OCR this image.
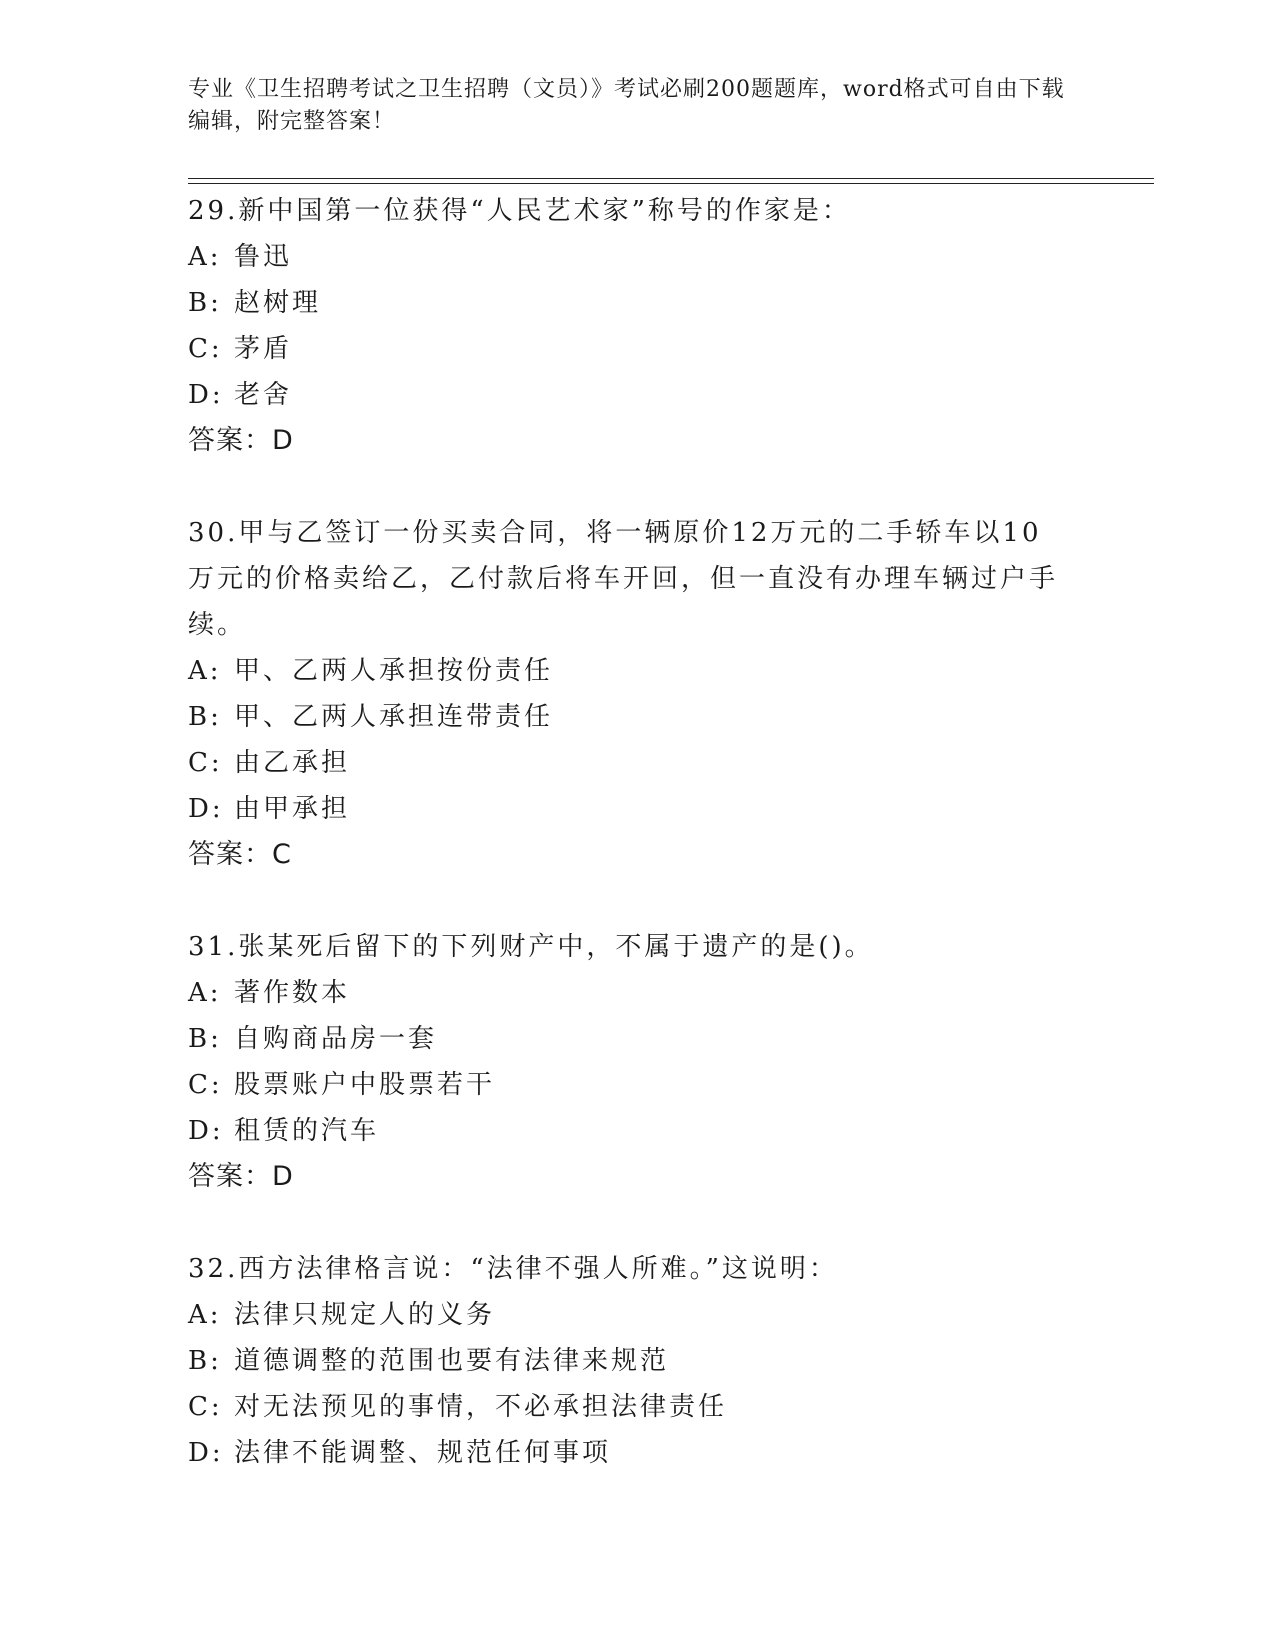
专业《卫生招聘考试之卫生招聘（文员）》考试必刷200题题库，word格式可自由下载编辑，附完整答案！
29.新中国第一位获得“人民艺术家”称号的作家是：
A: 鲁迅
B: 赵树理
C: 茅盾
D: 老舍
答案：D
30.甲与乙签订一份买卖合同，将一辆原价12万元的二手轿车以10万元的价格卖给乙，乙付款后将车开回，但一直没有办理车辆过户手续。
A: 甲、乙两人承担按份责任
B: 甲、乙两人承担连带责任
C: 由乙承担
D: 由甲承担
答案：C
31.张某死后留下的下列财产中，不属于遗产的是()。
A: 著作数本
B: 自购商品房一套
C: 股票账户中股票若干
D: 租赁的汽车
答案：D
32.西方法律格言说：“法律不强人所难。”这说明：
A: 法律只规定人的义务
B: 道德调整的范围也要有法律来规范
C: 对无法预见的事情，不必承担法律责任
D: 法律不能调整、规范任何事项
